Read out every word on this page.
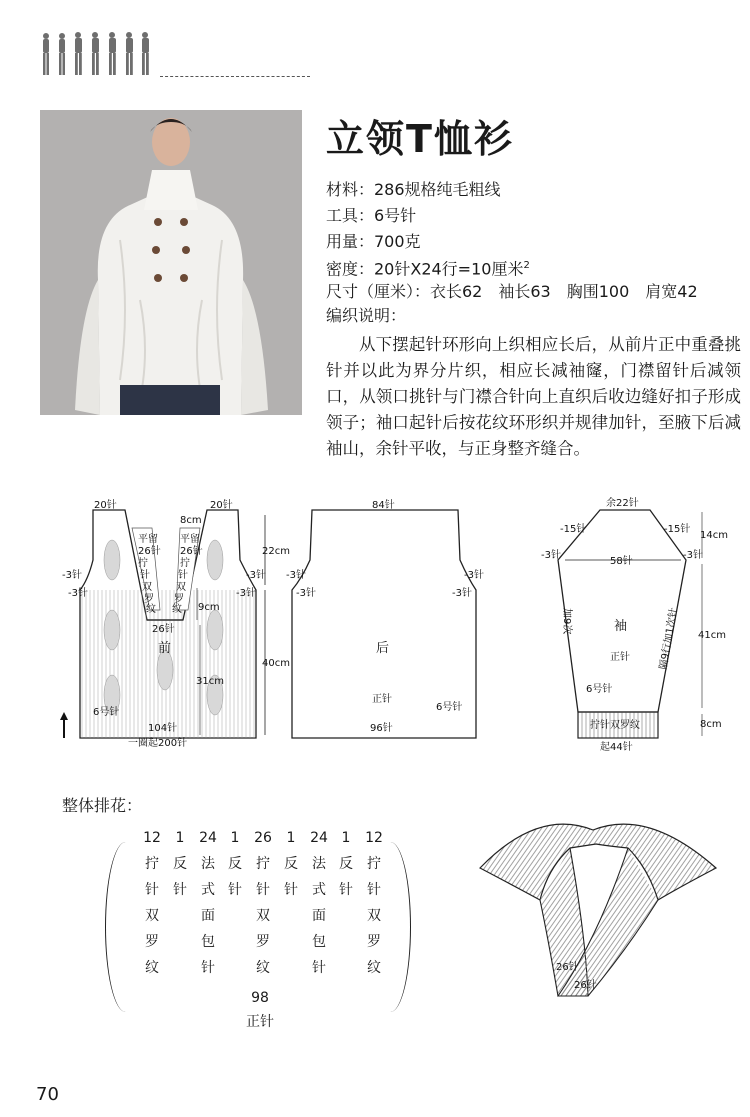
立领T恤衫
材料：286规格纯毛粗线
工具：6号针
用量：700克
密度：20针X24行=10厘米$^2$
尺寸（厘米）：衣长62　袖长63　胸围100　肩宽42
编织说明：
从下摆起针环形向上织相应长后，从前片正中重叠挑针并以此为界分片织，相应长减袖窿，门襟留针后减领口，从领口挑针与门襟合针向上直织后收边缝好扣子形成领子；袖口起针后按花纹环形织并规律加针，至腋下后减袖山，余针平收，与正身整齐缝合。
20针	20针
8cm
-3针	-3针
-3针	-3针
22cm
9cm
26针
前
40cm
31cm
6号针
104针
一圈起200针
平留
26针
拧
针
双
罗
纹
平留
26针
拧
针
双
罗
纹
84针
-3针	-3针
-3针	-3针
后
正针
6号针
96针
余22针
-15针	-15针
14cm
-3针	-3针
58针
袖
加9次	隔9行加1次针
正针
41cm
6号针
拧针双罗纹	8cm
起44针
整体排花：
12
拧针双罗纹
1
反针
24
法式面包针
1
反针
26
拧针双罗纹
1
反针
24
法式面包针
1
反针
12
拧针双罗纹
98
正针
26针
26针
70
